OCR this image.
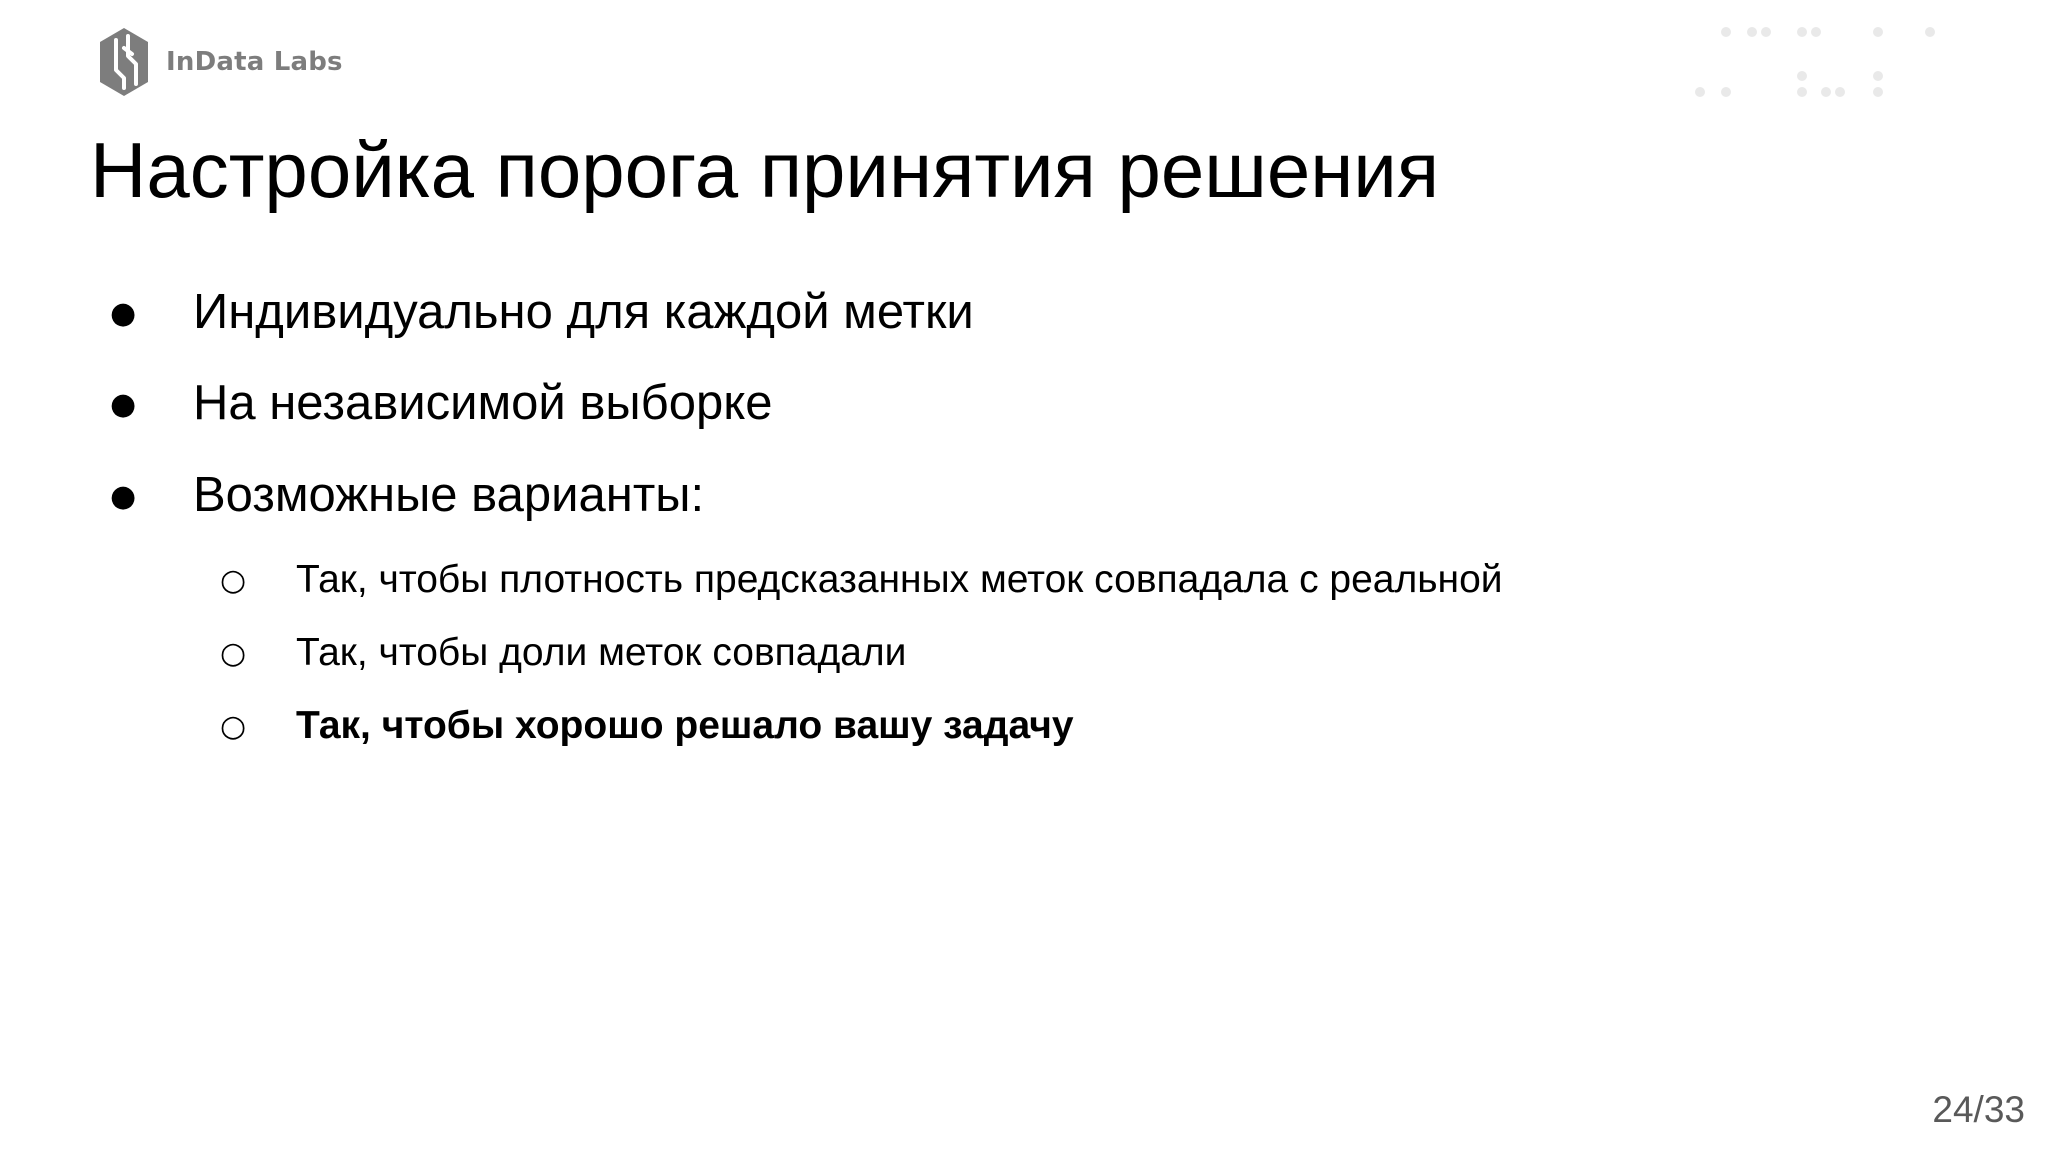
InData Labs
Настройка порога принятия решения
● Индивидуально для каждой метки
● На независимой выборке
● Возможные варианты:
○ Так, чтобы плотность предсказанных меток совпадала с реальной
○ Так, чтобы доли меток совпадали
○ Так, чтобы хорошо решало вашу задачу
24/33
